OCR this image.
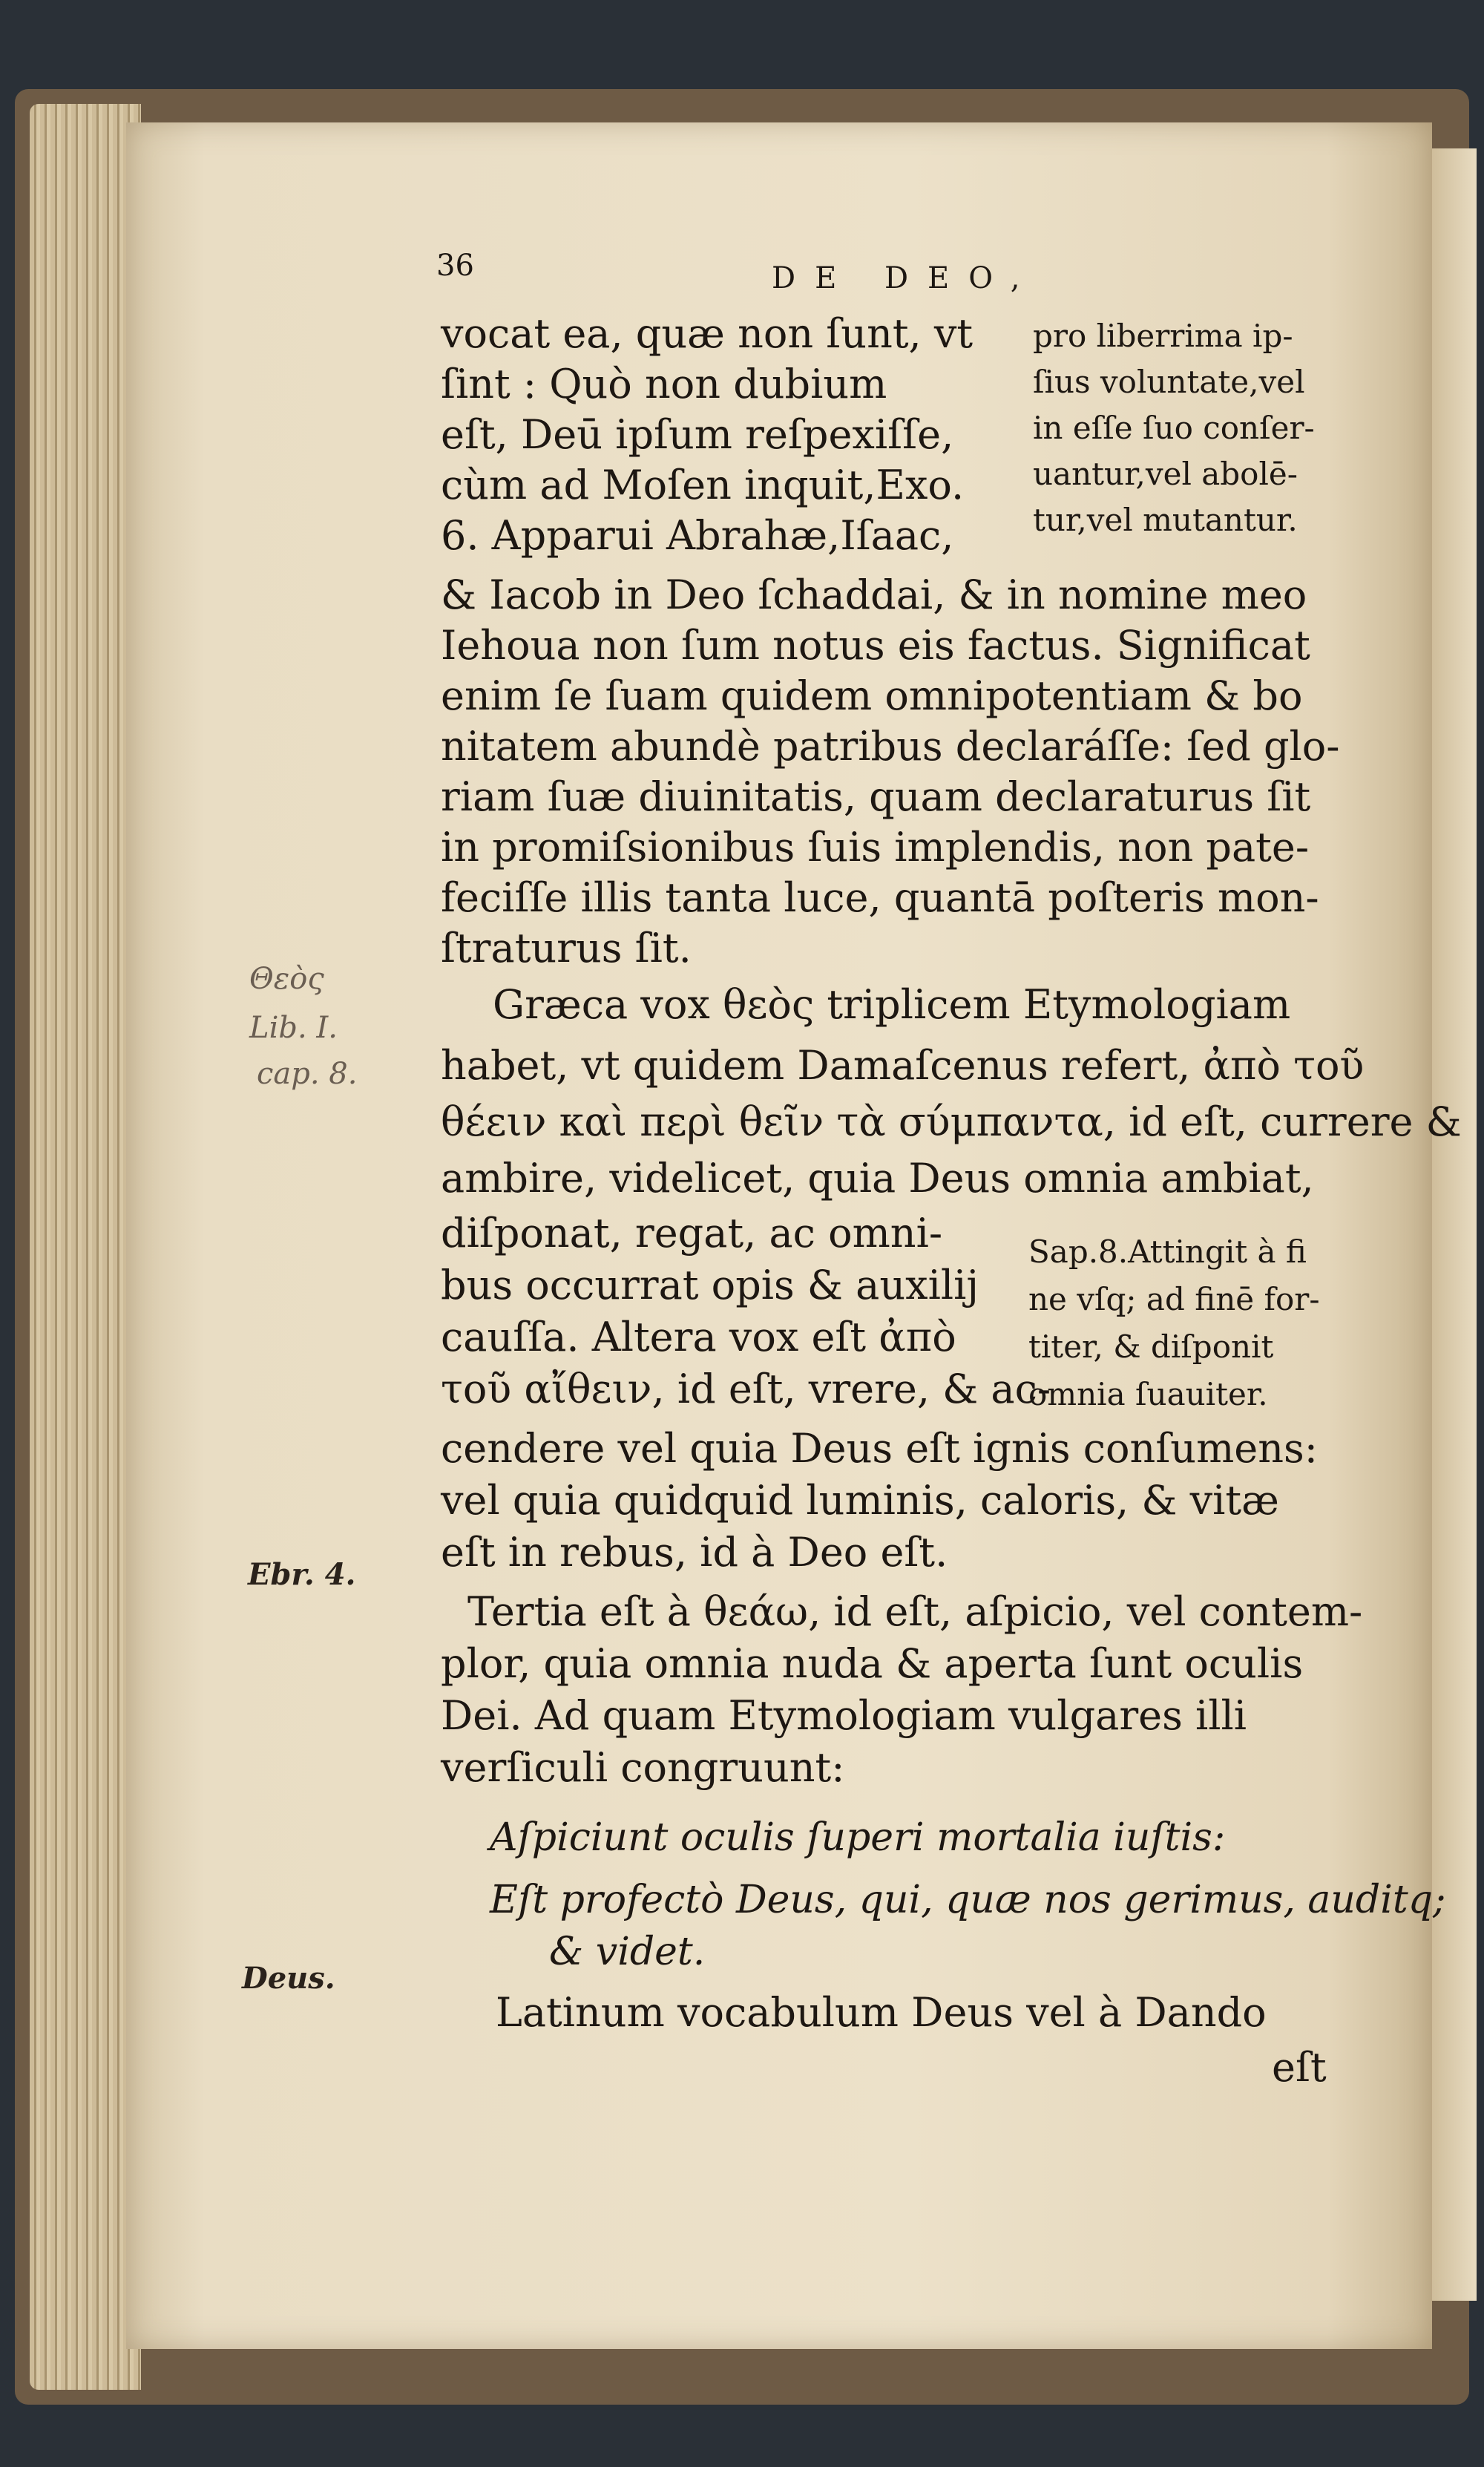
36	DE DEO,
vocat ea, quæ non ſunt, vt
ſint : Quò non dubium
eſt, Deū ipſum reſpexiſſe,
cùm ad Moſen inquit,Exo.
6. Apparui Abrahæ,Iſaac,
pro liberrima ip-
ſius voluntate,vel
in eſſe ſuo conſer-
uantur,vel abolē-
tur,vel mutantur.
& Iacob in Deo ſchaddai, & in nomine meo
Iehoua non ſum notus eis factus. Significat
enim ſe ſuam quidem omnipotentiam & bo
nitatem abundè patribus declaráſſe: ſed glo-
riam ſuæ diuinitatis, quam declaraturus ſit
in promiſsionibus ſuis implendis, non pate-
feciſſe illis tanta luce, quantā poſteris mon-
ſtraturus ſit.
Græca vox θεὸς triplicem Etymologiam
habet, vt quidem Damaſcenus refert, ἀπὸ τοῦ
θέειν καὶ περὶ θεῖν τὰ σύμπαντα, id eſt, currere &
ambire, videlicet, quia Deus omnia ambiat,
diſponat, regat, ac omni-
bus occurrat opis & auxilij
cauſſa. Altera vox eſt ἀπὸ
τοῦ αἴθειν, id eſt, vrere, & ac-
Sap.8.Attingit à fi
ne vſq; ad finē for-
titer, & diſponit
omnia ſuauiter.
cendere vel quia Deus eſt ignis conſumens:
vel quia quidquid luminis, caloris, & vitæ
eſt in rebus, id à Deo eſt.
Tertia eſt à θεάω, id eſt, aſpicio, vel contem-
plor, quia omnia nuda & aperta ſunt oculis
Dei. Ad quam Etymologiam vulgares illi
verſiculi congruunt:
Aſpiciunt oculis ſuperi mortalia iuſtis:
Eſt profectò Deus, qui, quæ nos gerimus, auditq;
& videt.
Latinum vocabulum Deus vel à Dando
eſt
Θεὸς
Lib. I.
cap. 8.
Ebr. 4.
Deus.
